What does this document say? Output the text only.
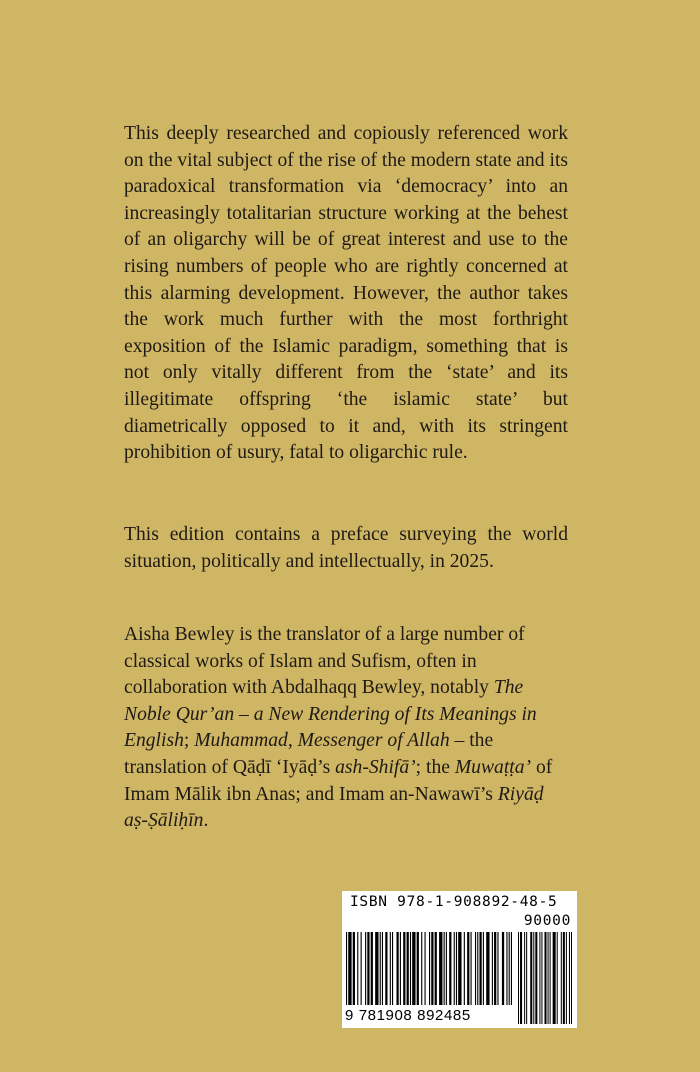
This deeply researched and copiously referenced work on the vital subject of the rise of the modern state and its paradoxical transformation via ‘democracy’ into an increasingly totalitarian structure working at the behest of an oligarchy will be of great interest and use to the rising numbers of people who are rightly concerned at this alarming development. However, the author takes the work much further with the most forthright exposition of the Islamic paradigm, something that is not only vitally different from the ‘state’ and its illegitimate offspring ‘the islamic state’ but diametrically opposed to it and, with its stringent prohibition of usury, fatal to oligarchic rule.

This edition contains a preface surveying the world situation, politically and intellectually, in 2025.

Aisha Bewley is the translator of a large number of classical works of Islam and Sufism, often in collaboration with Abdalhaqq Bewley, notably The Noble Qur’an – a New Rendering of Its Meanings in English; Muhammad, Messenger of Allah – the translation of Qāḍī ‘Iyāḍ’s ash-Shifā’; the Muwaṭṭa’ of Imam Mālik ibn Anas; and Imam an-Nawawī’s Riyāḍ aṣ-Ṣāliḥīn.

ISBN 978-1-908892-48-5
90000
9 781908 892485
